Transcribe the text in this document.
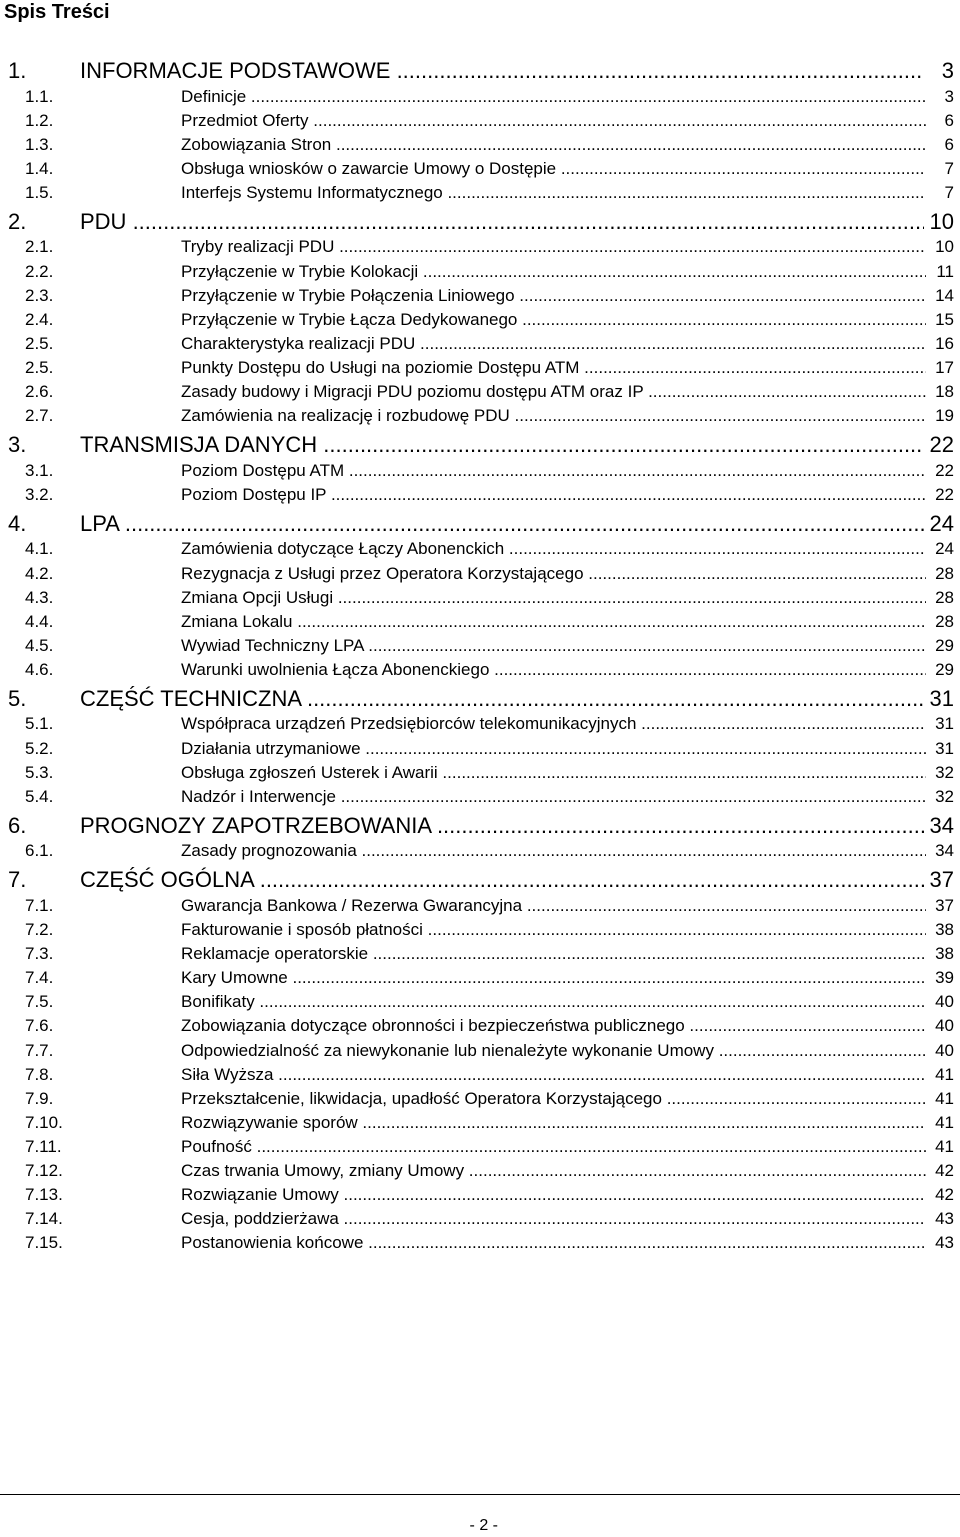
Spis Treści
1. INFORMACJE PODSTAWOWE .....	3
1.1.	Definicje .....	3
1.2.	Przedmiot Oferty .....	6
1.3.	Zobowiązania Stron .....	6
1.4.	Obsługa wniosków o zawarcie Umowy o Dostępie .....	7
1.5.	Interfejs Systemu Informatycznego .....	7
2. PDU .....	10
2.1.	Tryby realizacji PDU .....	10
2.2.	Przyłączenie w Trybie Kolokacji .....	11
2.3.	Przyłączenie w Trybie Połączenia Liniowego .....	14
2.4.	Przyłączenie w Trybie Łącza Dedykowanego .....	15
2.5.	Charakterystyka realizacji PDU .....	16
2.5.	Punkty Dostępu do Usługi na poziomie Dostępu ATM .....	17
2.6.	Zasady budowy i Migracji PDU poziomu dostępu ATM oraz IP .....	18
2.7.	Zamówienia na realizację i rozbudowę PDU .....	19
3. TRANSMISJA DANYCH .....	22
3.1.	Poziom Dostępu ATM .....	22
3.2.	Poziom Dostępu IP .....	22
4. LPA .....	24
4.1.	Zamówienia dotyczące Łączy Abonenckich .....	24
4.2.	Rezygnacja z Usługi przez Operatora Korzystającego .....	28
4.3.	Zmiana Opcji Usługi .....	28
4.4.	Zmiana Lokalu .....	28
4.5.	Wywiad Techniczny LPA .....	29
4.6.	Warunki uwolnienia Łącza Abonenckiego .....	29
5. CZĘŚĆ TECHNICZNA .....	31
5.1.	Współpraca urządzeń Przedsiębiorców telekomunikacyjnych .....	31
5.2.	Działania utrzymaniowe .....	31
5.3.	Obsługa zgłoszeń Usterek i Awarii .....	32
5.4.	Nadzór i Interwencje .....	32
6. PROGNOZY ZAPOTRZEBOWANIA .....	34
6.1.	Zasady prognozowania .....	34
7. CZĘŚĆ OGÓLNA .....	37
7.1.	Gwarancja Bankowa / Rezerwa Gwarancyjna .....	37
7.2.	Fakturowanie i sposób płatności .....	38
7.3.	Reklamacje operatorskie .....	38
7.4.	Kary Umowne .....	39
7.5.	Bonifikaty .....	40
7.6.	Zobowiązania dotyczące obronności i bezpieczeństwa publicznego .....	40
7.7.	Odpowiedzialność za niewykonanie lub nienależyte wykonanie Umowy .....	40
7.8.	Siła Wyższa .....	41
7.9.	Przekształcenie, likwidacja, upadłość Operatora Korzystającego .....	41
7.10.	Rozwiązywanie sporów .....	41
7.11.	Poufność .....	41
7.12.	Czas trwania Umowy, zmiany Umowy .....	42
7.13.	Rozwiązanie Umowy .....	42
7.14.	Cesja, poddzierżawa .....	43
7.15.	Postanowienia końcowe .....	43
- 2 -
